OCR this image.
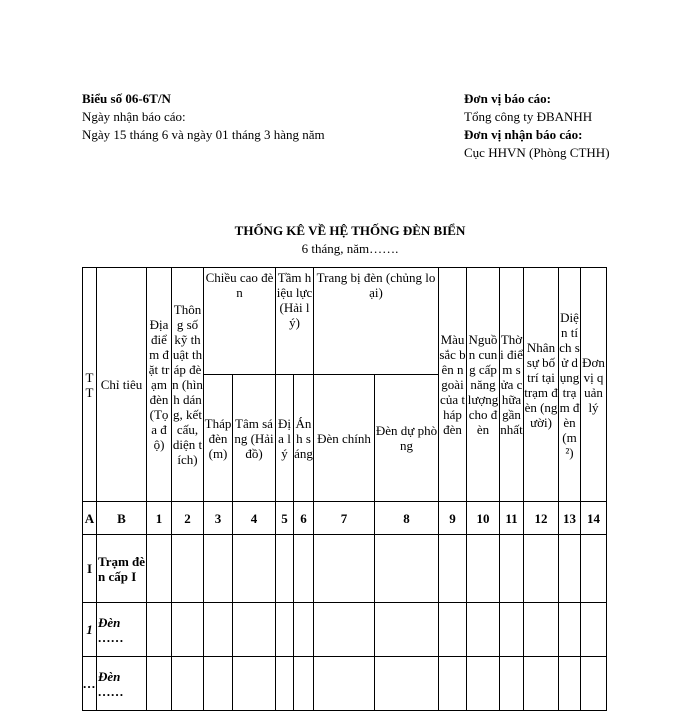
Biểu số 06-6T/N
Ngày nhận báo cáo:
Ngày 15 tháng 6 và ngày 01 tháng 3 hàng năm
Đơn vị báo cáo:
Tổng công ty ĐBANHH
Đơn vị nhận báo cáo:
Cục HHVN (Phòng CTHH)
THỐNG KÊ VỀ HỆ THỐNG ĐÈN BIỂN
6 tháng, năm…….
TT	Chỉ tiêu	Địa điểm đặt trạm đèn (Tọa độ)	Thông số kỹ thuật tháp đèn (hình dáng, kết cấu, diện tích)	Chiều cao đèn		Tầm hiệu lực (Hải lý)		Trang bị đèn (chủng loại)		Màu sắc bên ngoài của tháp đèn	Nguồn cung cấp năng lượng cho đèn	Thời điểm sửa chữa gần nhất	Nhân sự bố trí tại trạm đèn (người)	Diện tích sử dụng trạm đèn (m²)	Đơn vị quản lý
				Tháp đèn (m)	Tâm sáng (Hải đồ)	Địa lý	Ánh sáng	Đèn chính	Đèn dự phòng						
A	B	1	2	3	4	5	6	7	8	9	10	11	12	13	14
I	Trạm đèn cấp I														
1	Đèn ……														
…	Đèn ……														
